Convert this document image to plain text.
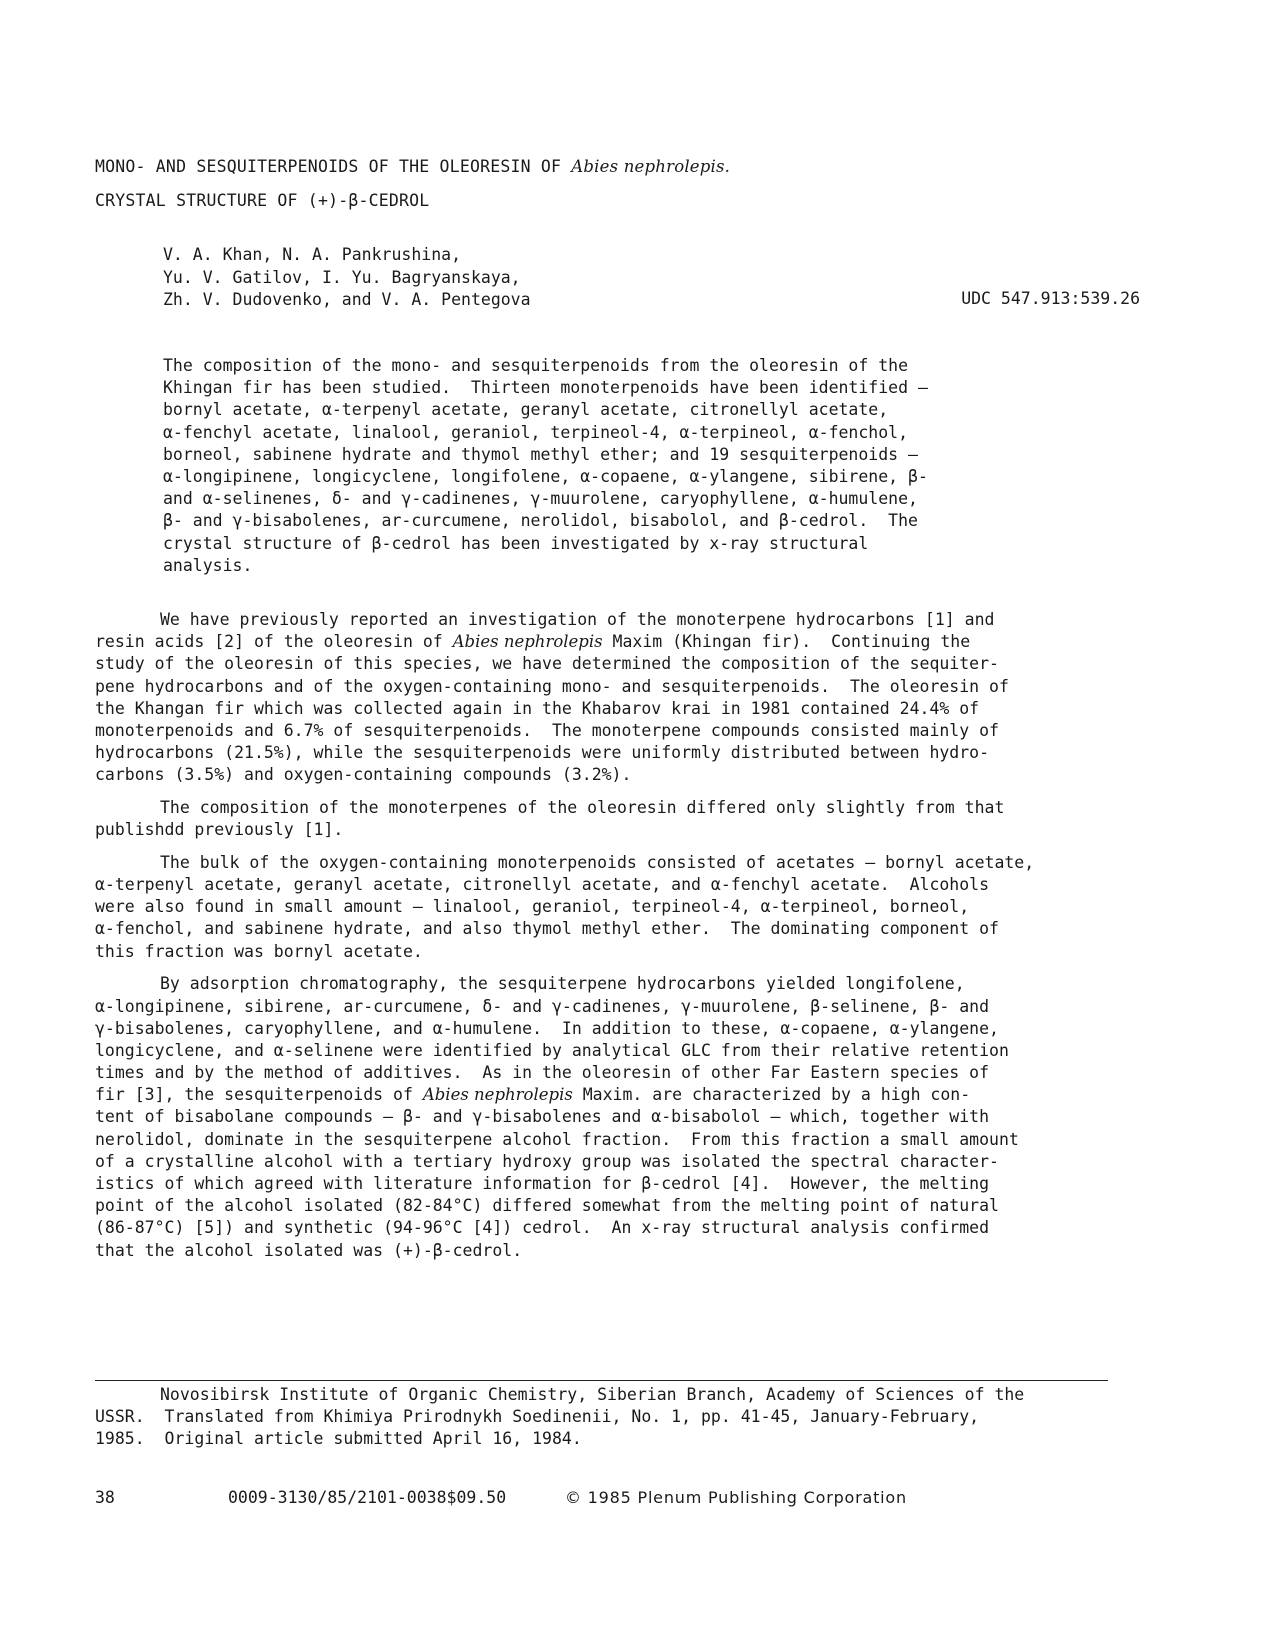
MONO- AND SESQUITERPENOIDS OF THE OLEORESIN OF Abies nephrolepis.
CRYSTAL STRUCTURE OF (+)-β-CEDROL
V. A. Khan, N. A. Pankrushina,
Yu. V. Gatilov, I. Yu. Bagryanskaya,
Zh. V. Dudovenko, and V. A. Pentegova	UDC 547.913:539.26
The composition of the mono- and sesquiterpenoids from the oleoresin of the
Khingan fir has been studied.  Thirteen monoterpenoids have been identified —
bornyl acetate, α-terpenyl acetate, geranyl acetate, citronellyl acetate,
α-fenchyl acetate, linalool, geraniol, terpineol-4, α-terpineol, α-fenchol,
borneol, sabinene hydrate and thymol methyl ether; and 19 sesquiterpenoids —
α-longipinene, longicyclene, longifolene, α-copaene, α-ylangene, sibirene, β-
and α-selinenes, δ- and γ-cadinenes, γ-muurolene, caryophyllene, α-humulene,
β- and γ-bisabolenes, ar-curcumene, nerolidol, bisabolol, and β-cedrol.  The
crystal structure of β-cedrol has been investigated by x-ray structural
analysis.
We have previously reported an investigation of the monoterpene hydrocarbons [1] and
resin acids [2] of the oleoresin of Abies nephrolepis Maxim (Khingan fir).  Continuing the
study of the oleoresin of this species, we have determined the composition of the sequiter-
pene hydrocarbons and of the oxygen-containing mono- and sesquiterpenoids.  The oleoresin of
the Khangan fir which was collected again in the Khabarov krai in 1981 contained 24.4% of
monoterpenoids and 6.7% of sesquiterpenoids.  The monoterpene compounds consisted mainly of
hydrocarbons (21.5%), while the sesquiterpenoids were uniformly distributed between hydro-
carbons (3.5%) and oxygen-containing compounds (3.2%).
The composition of the monoterpenes of the oleoresin differed only slightly from that
publishdd previously [1].
The bulk of the oxygen-containing monoterpenoids consisted of acetates — bornyl acetate,
α-terpenyl acetate, geranyl acetate, citronellyl acetate, and α-fenchyl acetate.  Alcohols
were also found in small amount — linalool, geraniol, terpineol-4, α-terpineol, borneol,
α-fenchol, and sabinene hydrate, and also thymol methyl ether.  The dominating component of
this fraction was bornyl acetate.
By adsorption chromatography, the sesquiterpene hydrocarbons yielded longifolene,
α-longipinene, sibirene, ar-curcumene, δ- and γ-cadinenes, γ-muurolene, β-selinene, β- and
γ-bisabolenes, caryophyllene, and α-humulene.  In addition to these, α-copaene, α-ylangene,
longicyclene, and α-selinene were identified by analytical GLC from their relative retention
times and by the method of additives.  As in the oleoresin of other Far Eastern species of
fir [3], the sesquiterpenoids of Abies nephrolepis Maxim. are characterized by a high con-
tent of bisabolane compounds — β- and γ-bisabolenes and α-bisabolol — which, together with
nerolidol, dominate in the sesquiterpene alcohol fraction.  From this fraction a small amount
of a crystalline alcohol with a tertiary hydroxy group was isolated the spectral character-
istics of which agreed with literature information for β-cedrol [4].  However, the melting
point of the alcohol isolated (82-84°C) differed somewhat from the melting point of natural
(86-87°C) [5]) and synthetic (94-96°C [4]) cedrol.  An x-ray structural analysis confirmed
that the alcohol isolated was (+)-β-cedrol.
Novosibirsk Institute of Organic Chemistry, Siberian Branch, Academy of Sciences of the
USSR.  Translated from Khimiya Prirodnykh Soedinenii, No. 1, pp. 41-45, January-February,
1985.  Original article submitted April 16, 1984.
38	0009-3130/85/2101-0038$09.50	© 1985 Plenum Publishing Corporation
